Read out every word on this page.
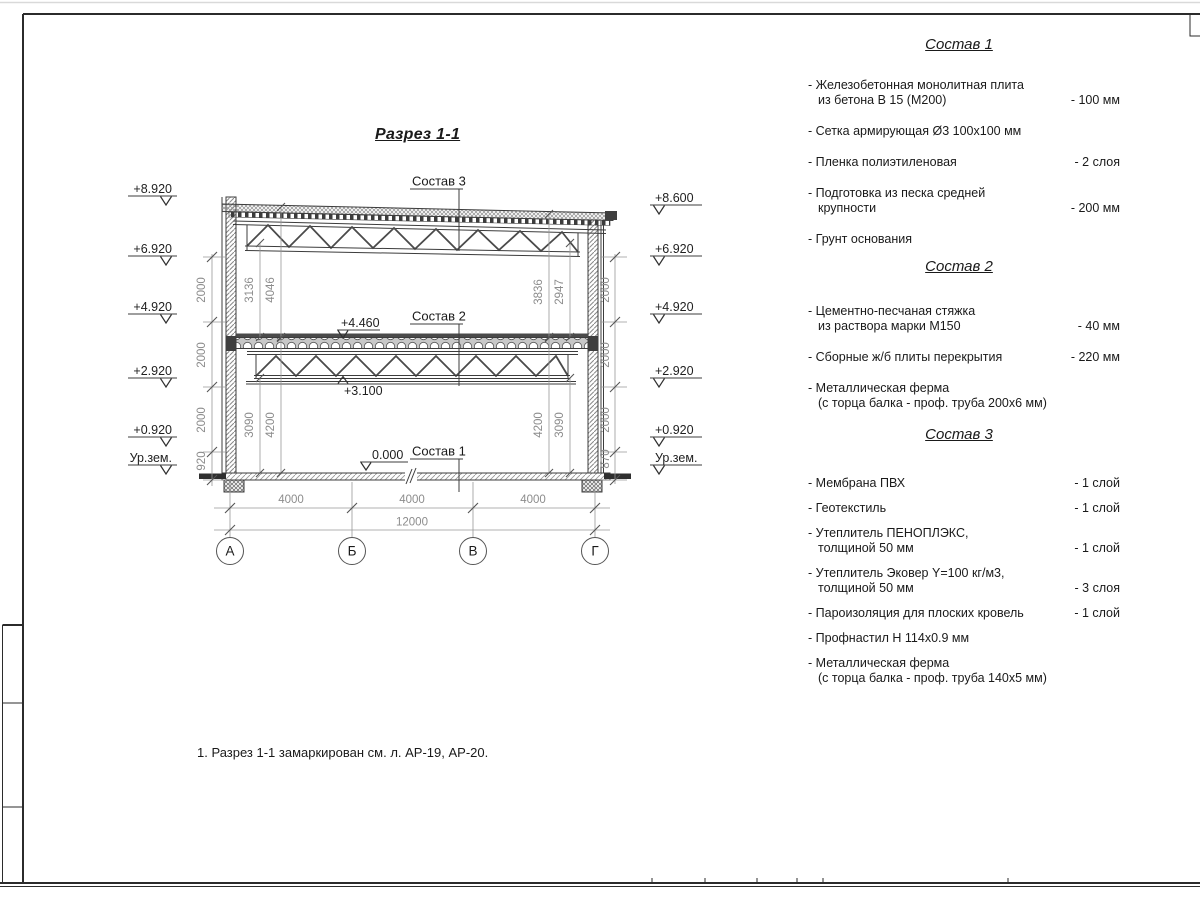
2000
2000
2000
920
2000
2000
2000
870
3136 4046	3836 2947
3090 4200	4200 3090
4000	4000	4000
12000
А	Б	В	Г
+8.920
+6.920
+4.920
+2.920
+0.920
Ур.зем.
+8.600
+6.920
+4.920
+2.920
+0.920
Ур.зем.
+4.460
+3.100
0.000
Состав 3
Состав 2
Состав 1
Разрез 1-1
1. Разрез 1-1 замаркирован см. л. АР-19, АР-20.
Состав 1
- Железобетонная монолитная плита
из бетона В 15 (М200)	- 100 мм
- Сетка армирующая Ø3 100x100 мм
- Пленка полиэтиленовая	- 2 слоя
- Подготовка из песка средней
крупности	- 200 мм
- Грунт основания
Состав 2
- Цементно-песчаная стяжка
из раствора марки М150	- 40 мм
- Сборные ж/б плиты перекрытия	- 220 мм
- Металлическая ферма
(с торца балка - проф. труба 200x6 мм)
Состав 3
- Мембрана ПВХ	- 1 слой
- Геотекстиль	- 1 слой
- Утеплитель ПЕНОПЛЭКС,
толщиной 50 мм	- 1 слой
- Утеплитель Эковер Y=100 кг/м3,
толщиной 50 мм	- 3 слоя
- Пароизоляция для плоских кровель	- 1 слой
- Профнастил Н 114x0.9 мм
- Металлическая ферма
(с торца балка - проф. труба 140x5 мм)
